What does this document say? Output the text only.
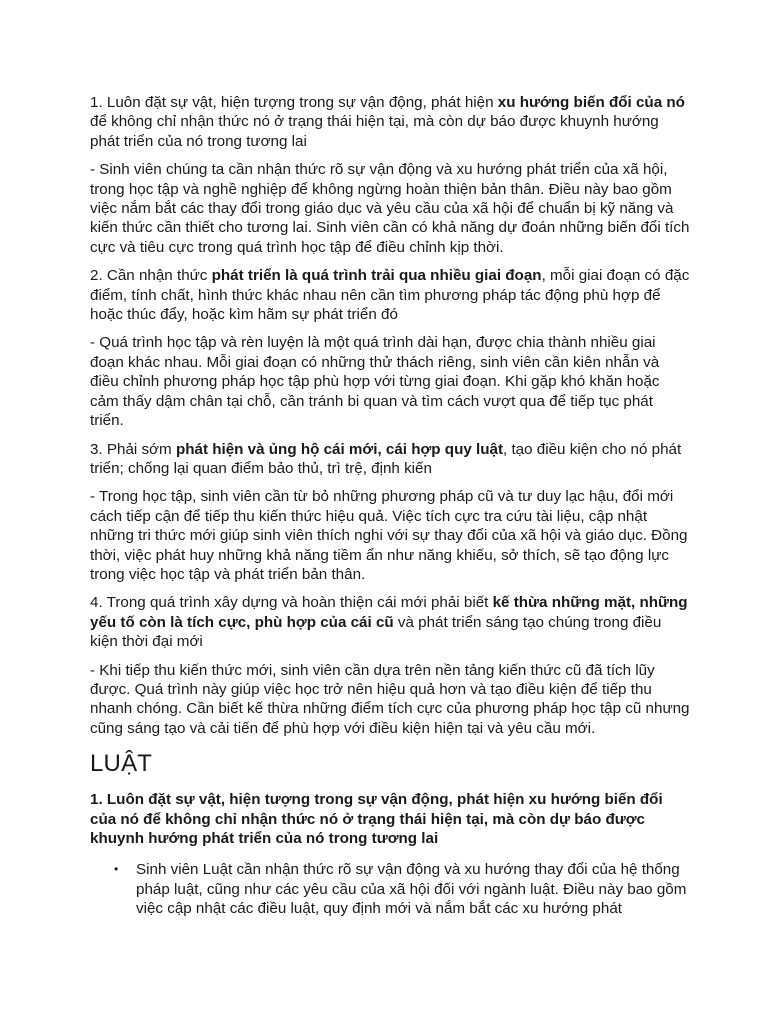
1. Luôn đặt sự vật, hiện tượng trong sự vận động, phát hiện xu hướng biến đổi của nó để không chỉ nhận thức nó ở trạng thái hiện tại, mà còn dự báo được khuynh hướng phát triển của nó trong tương lai

- Sinh viên chúng ta cần nhận thức rõ sự vận động và xu hướng phát triển của xã hội, trong học tập và nghề nghiệp để không ngừng hoàn thiện bản thân. Điều này bao gồm việc nắm bắt các thay đổi trong giáo dục và yêu cầu của xã hội để chuẩn bị kỹ năng và kiến thức cần thiết cho tương lai. Sinh viên cần có khả năng dự đoán những biến đổi tích cực và tiêu cực trong quá trình học tập để điều chỉnh kịp thời.

2. Cần nhận thức phát triển là quá trình trải qua nhiều giai đoạn, mỗi giai đoạn có đặc điểm, tính chất, hình thức khác nhau nên cần tìm phương pháp tác động phù hợp để hoặc thúc đẩy, hoặc kìm hãm sự phát triển đó

- Quá trình học tập và rèn luyện là một quá trình dài hạn, được chia thành nhiều giai đoạn khác nhau. Mỗi giai đoạn có những thử thách riêng, sinh viên cần kiên nhẫn và điều chỉnh phương pháp học tập phù hợp với từng giai đoạn. Khi gặp khó khăn hoặc cảm thấy dậm chân tại chỗ, cần tránh bi quan và tìm cách vượt qua để tiếp tục phát triển.

3. Phải sớm phát hiện và ủng hộ cái mới, cái hợp quy luật, tạo điều kiện cho nó phát triển; chống lại quan điểm bảo thủ, trì trệ, định kiến

- Trong học tập, sinh viên cần từ bỏ những phương pháp cũ và tư duy lạc hậu, đổi mới cách tiếp cận để tiếp thu kiến thức hiệu quả. Việc tích cực tra cứu tài liệu, cập nhật những tri thức mới giúp sinh viên thích nghi với sự thay đổi của xã hội và giáo dục. Đồng thời, việc phát huy những khả năng tiềm ẩn như năng khiếu, sở thích, sẽ tạo động lực trong việc học tập và phát triển bản thân.

4. Trong quá trình xây dựng và hoàn thiện cái mới phải biết kế thừa những mặt, những yếu tố còn là tích cực, phù hợp của cái cũ và phát triển sáng tạo chúng trong điều kiện thời đại mới

- Khi tiếp thu kiến thức mới, sinh viên cần dựa trên nền tảng kiến thức cũ đã tích lũy được. Quá trình này giúp việc học trở nên hiệu quả hơn và tạo điều kiện để tiếp thu nhanh chóng. Cần biết kế thừa những điểm tích cực của phương pháp học tập cũ nhưng cũng sáng tạo và cải tiến để phù hợp với điều kiện hiện tại và yêu cầu mới.

LUẬT

1. Luôn đặt sự vật, hiện tượng trong sự vận động, phát hiện xu hướng biến đổi của nó để không chỉ nhận thức nó ở trạng thái hiện tại, mà còn dự báo được khuynh hướng phát triển của nó trong tương lai

• Sinh viên Luật cần nhận thức rõ sự vận động và xu hướng thay đổi của hệ thống pháp luật, cũng như các yêu cầu của xã hội đối với ngành luật. Điều này bao gồm việc cập nhật các điều luật, quy định mới và nắm bắt các xu hướng phát
